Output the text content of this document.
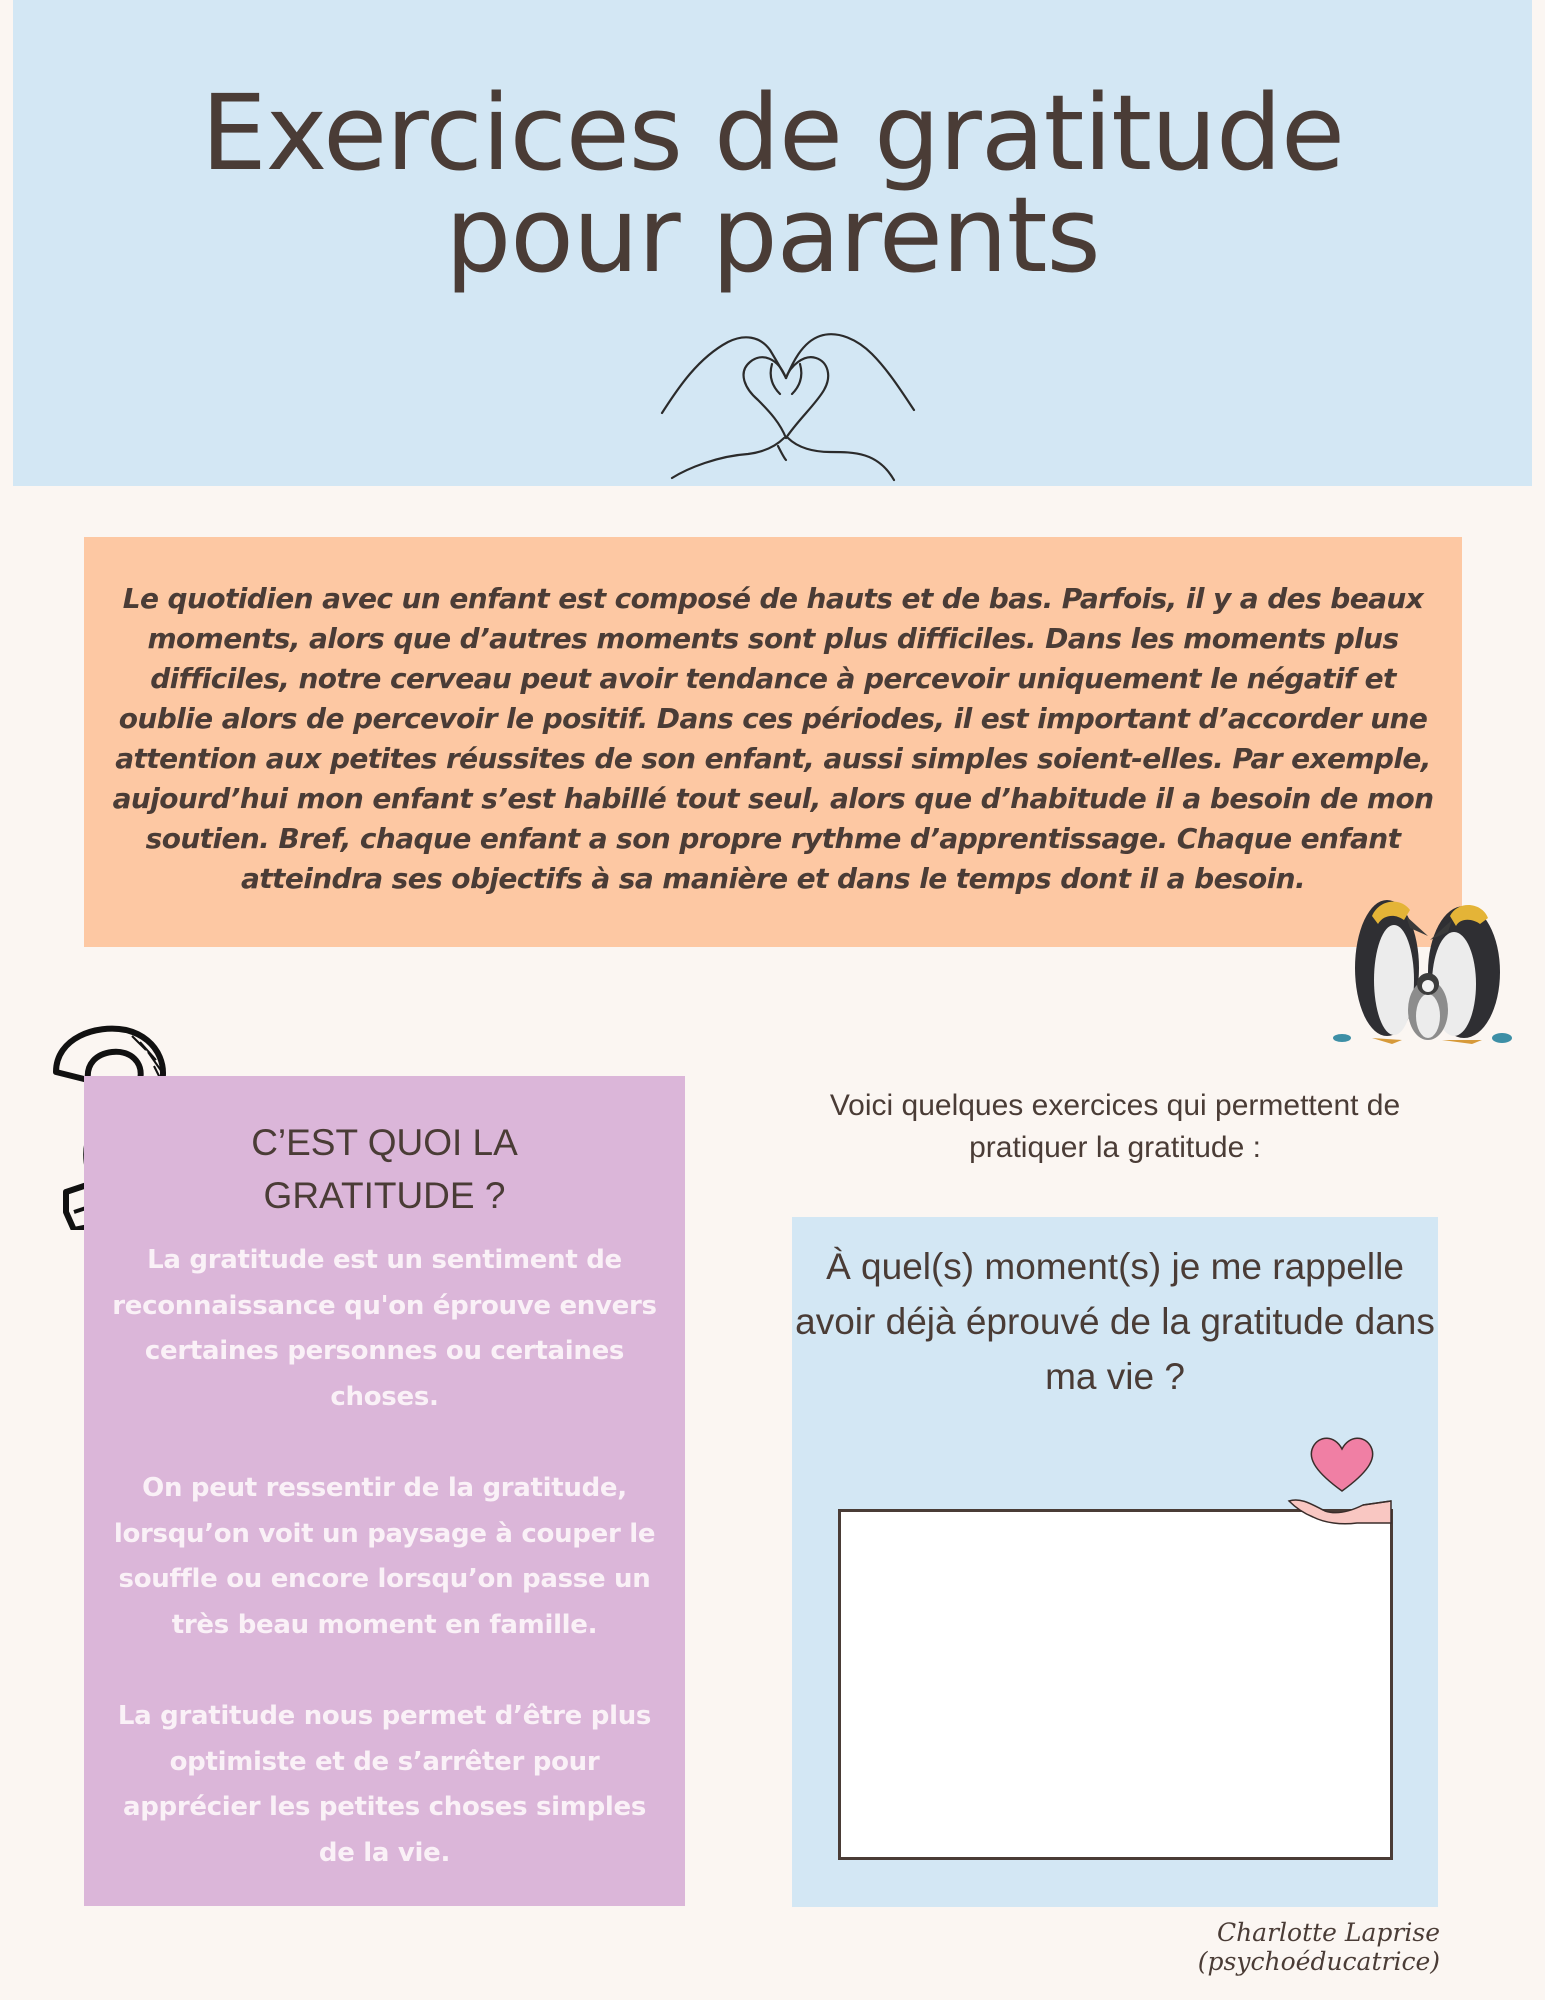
Exercices de gratitude
pour parents

Le quotidien avec un enfant est composé de hauts et de bas. Parfois, il y a des beaux moments, alors que d’autres moments sont plus difficiles. Dans les moments plus difficiles, notre cerveau peut avoir tendance à percevoir uniquement le négatif et oublie alors de percevoir le positif. Dans ces périodes, il est important d’accorder une attention aux petites réussites de son enfant, aussi simples soient-elles. Par exemple, aujourd’hui mon enfant s’est habillé tout seul, alors que d’habitude il a besoin de mon soutien. Bref, chaque enfant a son propre rythme d’apprentissage. Chaque enfant atteindra ses objectifs à sa manière et dans le temps dont il a besoin.

C’EST QUOI LA
GRATITUDE ?

La gratitude est un sentiment de reconnaissance qu'on éprouve envers certaines personnes ou certaines choses.

On peut ressentir de la gratitude, lorsqu’on voit un paysage à couper le souffle ou encore lorsqu’on passe un très beau moment en famille.

La gratitude nous permet d’être plus optimiste et de s’arrêter pour apprécier les petites choses simples de la vie.

Voici quelques exercices qui permettent de pratiquer la gratitude :

À quel(s) moment(s) je me rappelle avoir déjà éprouvé de la gratitude dans ma vie ?

Charlotte Laprise (psychoéducatrice)
